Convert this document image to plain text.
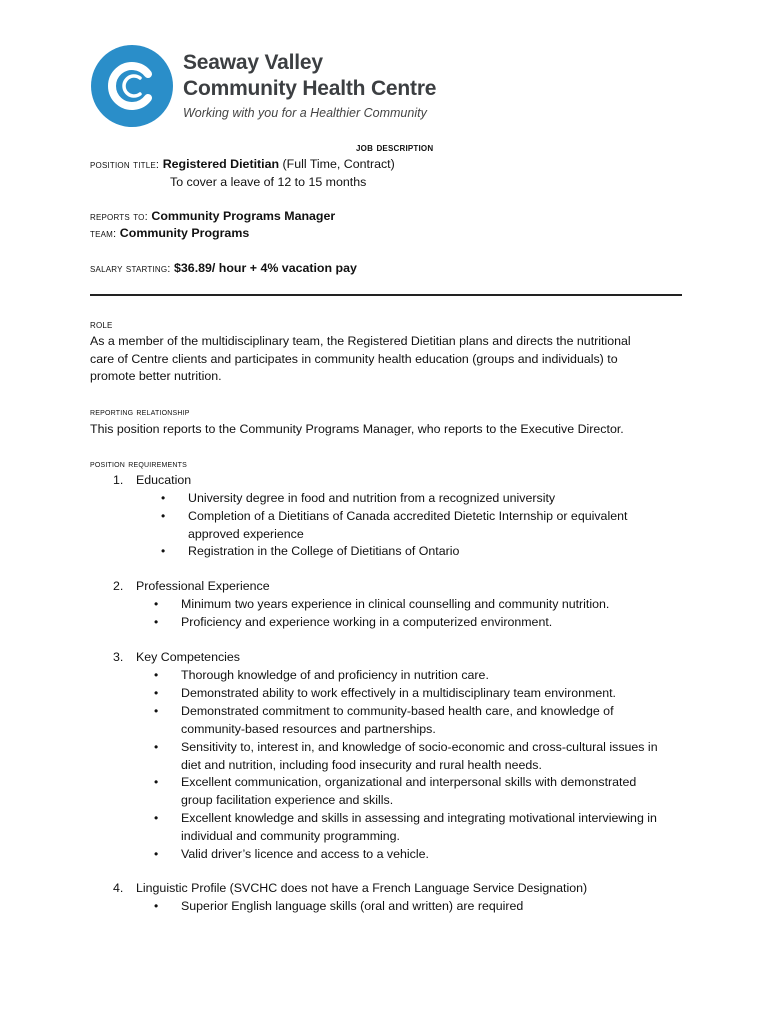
Seaway Valley
Community Health Centre
Working with you for a Healthier Community
job description
position title: Registered Dietitian (Full Time, Contract)
To cover a leave of 12 to 15 months
reports to: Community Programs Manager
team: Community Programs
salary starting: $36.89/ hour + 4% vacation pay
role
As a member of the multidisciplinary team, the Registered Dietitian plans and directs the nutritional
care of Centre clients and participates in community health education (groups and individuals) to
promote better nutrition.
reporting relationship
This position reports to the Community Programs Manager, who reports to the Executive Director.
position requirements
1. Education
• University degree in food and nutrition from a recognized university
• Completion of a Dietitians of Canada accredited Dietetic Internship or equivalent
approved experience
• Registration in the College of Dietitians of Ontario
2. Professional Experience
• Minimum two years experience in clinical counselling and community nutrition.
• Proficiency and experience working in a computerized environment.
3. Key Competencies
• Thorough knowledge of and proficiency in nutrition care.
• Demonstrated ability to work effectively in a multidisciplinary team environment.
• Demonstrated commitment to community-based health care, and knowledge of
community-based resources and partnerships.
• Sensitivity to, interest in, and knowledge of socio-economic and cross-cultural issues in
diet and nutrition, including food insecurity and rural health needs.
• Excellent communication, organizational and interpersonal skills with demonstrated
group facilitation experience and skills.
• Excellent knowledge and skills in assessing and integrating motivational interviewing in
individual and community programming.
• Valid driver’s licence and access to a vehicle.
4. Linguistic Profile (SVCHC does not have a French Language Service Designation)
• Superior English language skills (oral and written) are required
